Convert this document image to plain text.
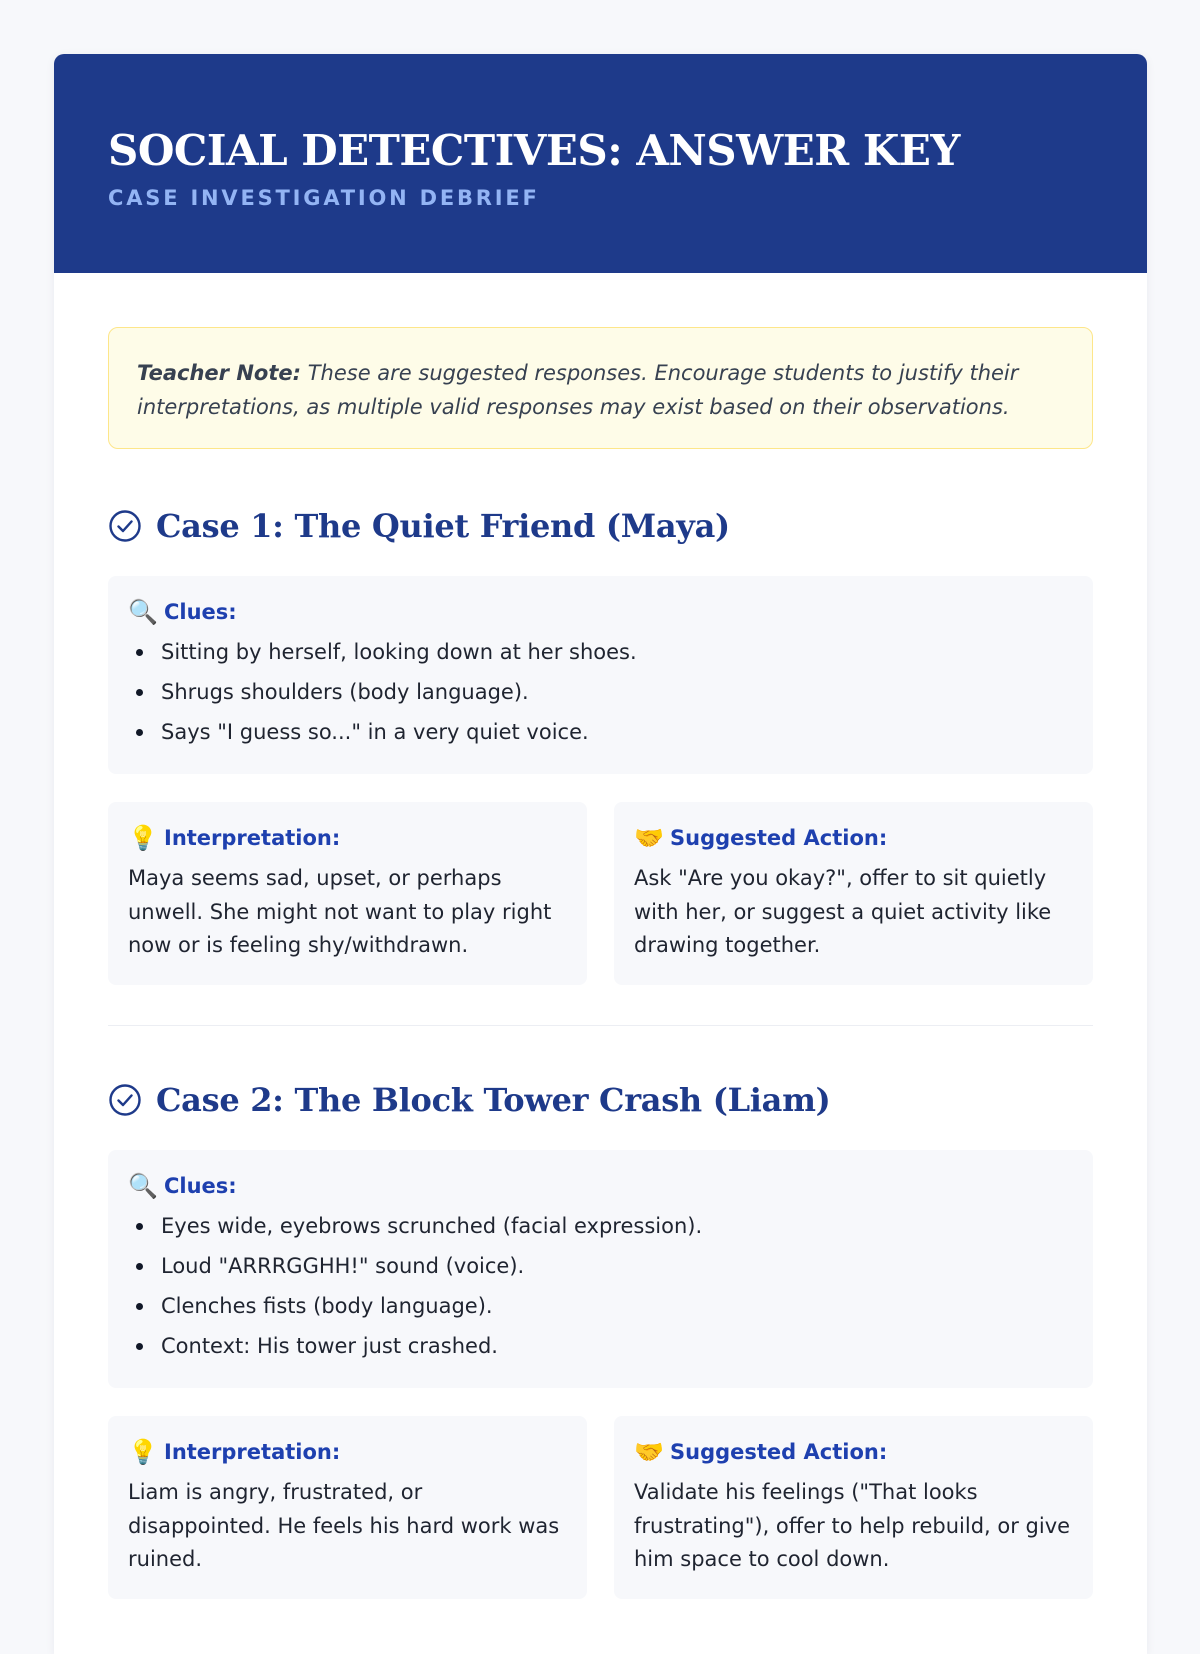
SOCIAL DETECTIVES: ANSWER KEY
CASE INVESTIGATION DEBRIEF
Teacher Note: These are suggested responses. Encourage students to justify their interpretations, as multiple valid responses may exist based on their observations.
Case 1: The Quiet Friend (Maya)
🔍 Clues:
Sitting by herself, looking down at her shoes.
Shrugs shoulders (body language).
Says "I guess so..." in a very quiet voice.
💡 Interpretation:
Maya seems sad, upset, or perhaps unwell. She might not want to play right now or is feeling shy/withdrawn.
🤝 Suggested Action:
Ask "Are you okay?", offer to sit quietly with her, or suggest a quiet activity like drawing together.
Case 2: The Block Tower Crash (Liam)
🔍 Clues:
Eyes wide, eyebrows scrunched (facial expression).
Loud "ARRRGGHH!" sound (voice).
Clenches fists (body language).
Context: His tower just crashed.
💡 Interpretation:
Liam is angry, frustrated, or disappointed. He feels his hard work was ruined.
🤝 Suggested Action:
Validate his feelings ("That looks frustrating"), offer to help rebuild, or give him space to cool down.
